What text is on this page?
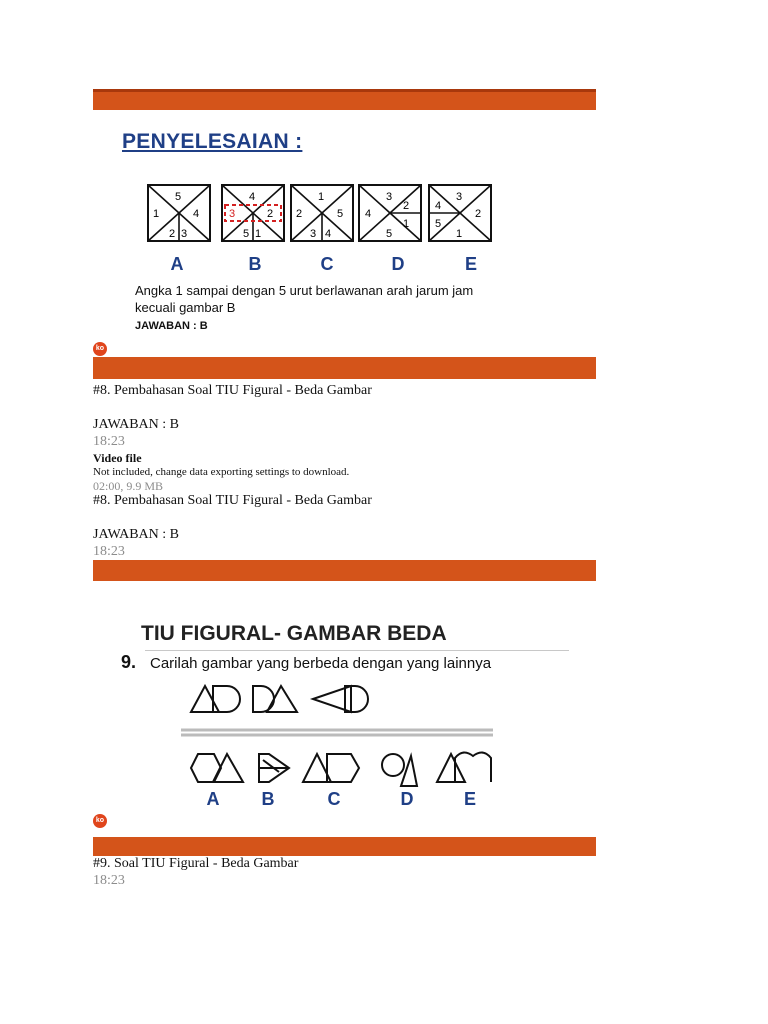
PENYELESAIAN :
5
4
3
2
1
4
2
1
5
3
1
5
4
3
2
3
2
1
5
4
3
2
1
5
4
A	B	C	D	E
Angka 1 sampai dengan 5 urut berlawanan arah jarum jam
kecuali gambar B
JAWABAN : B
ko
#8. Pembahasan Soal TIU Figural - Beda Gambar
JAWABAN : B
18:23
Video file
Not included, change data exporting settings to download.
02:00, 9.9 MB
#8. Pembahasan Soal TIU Figural - Beda Gambar
JAWABAN : B
18:23
TIU FIGURAL- GAMBAR BEDA
9. Carilah gambar yang berbeda dengan yang lainnya
A B	C	D	E
ko
#9. Soal TIU Figural - Beda Gambar
18:23
